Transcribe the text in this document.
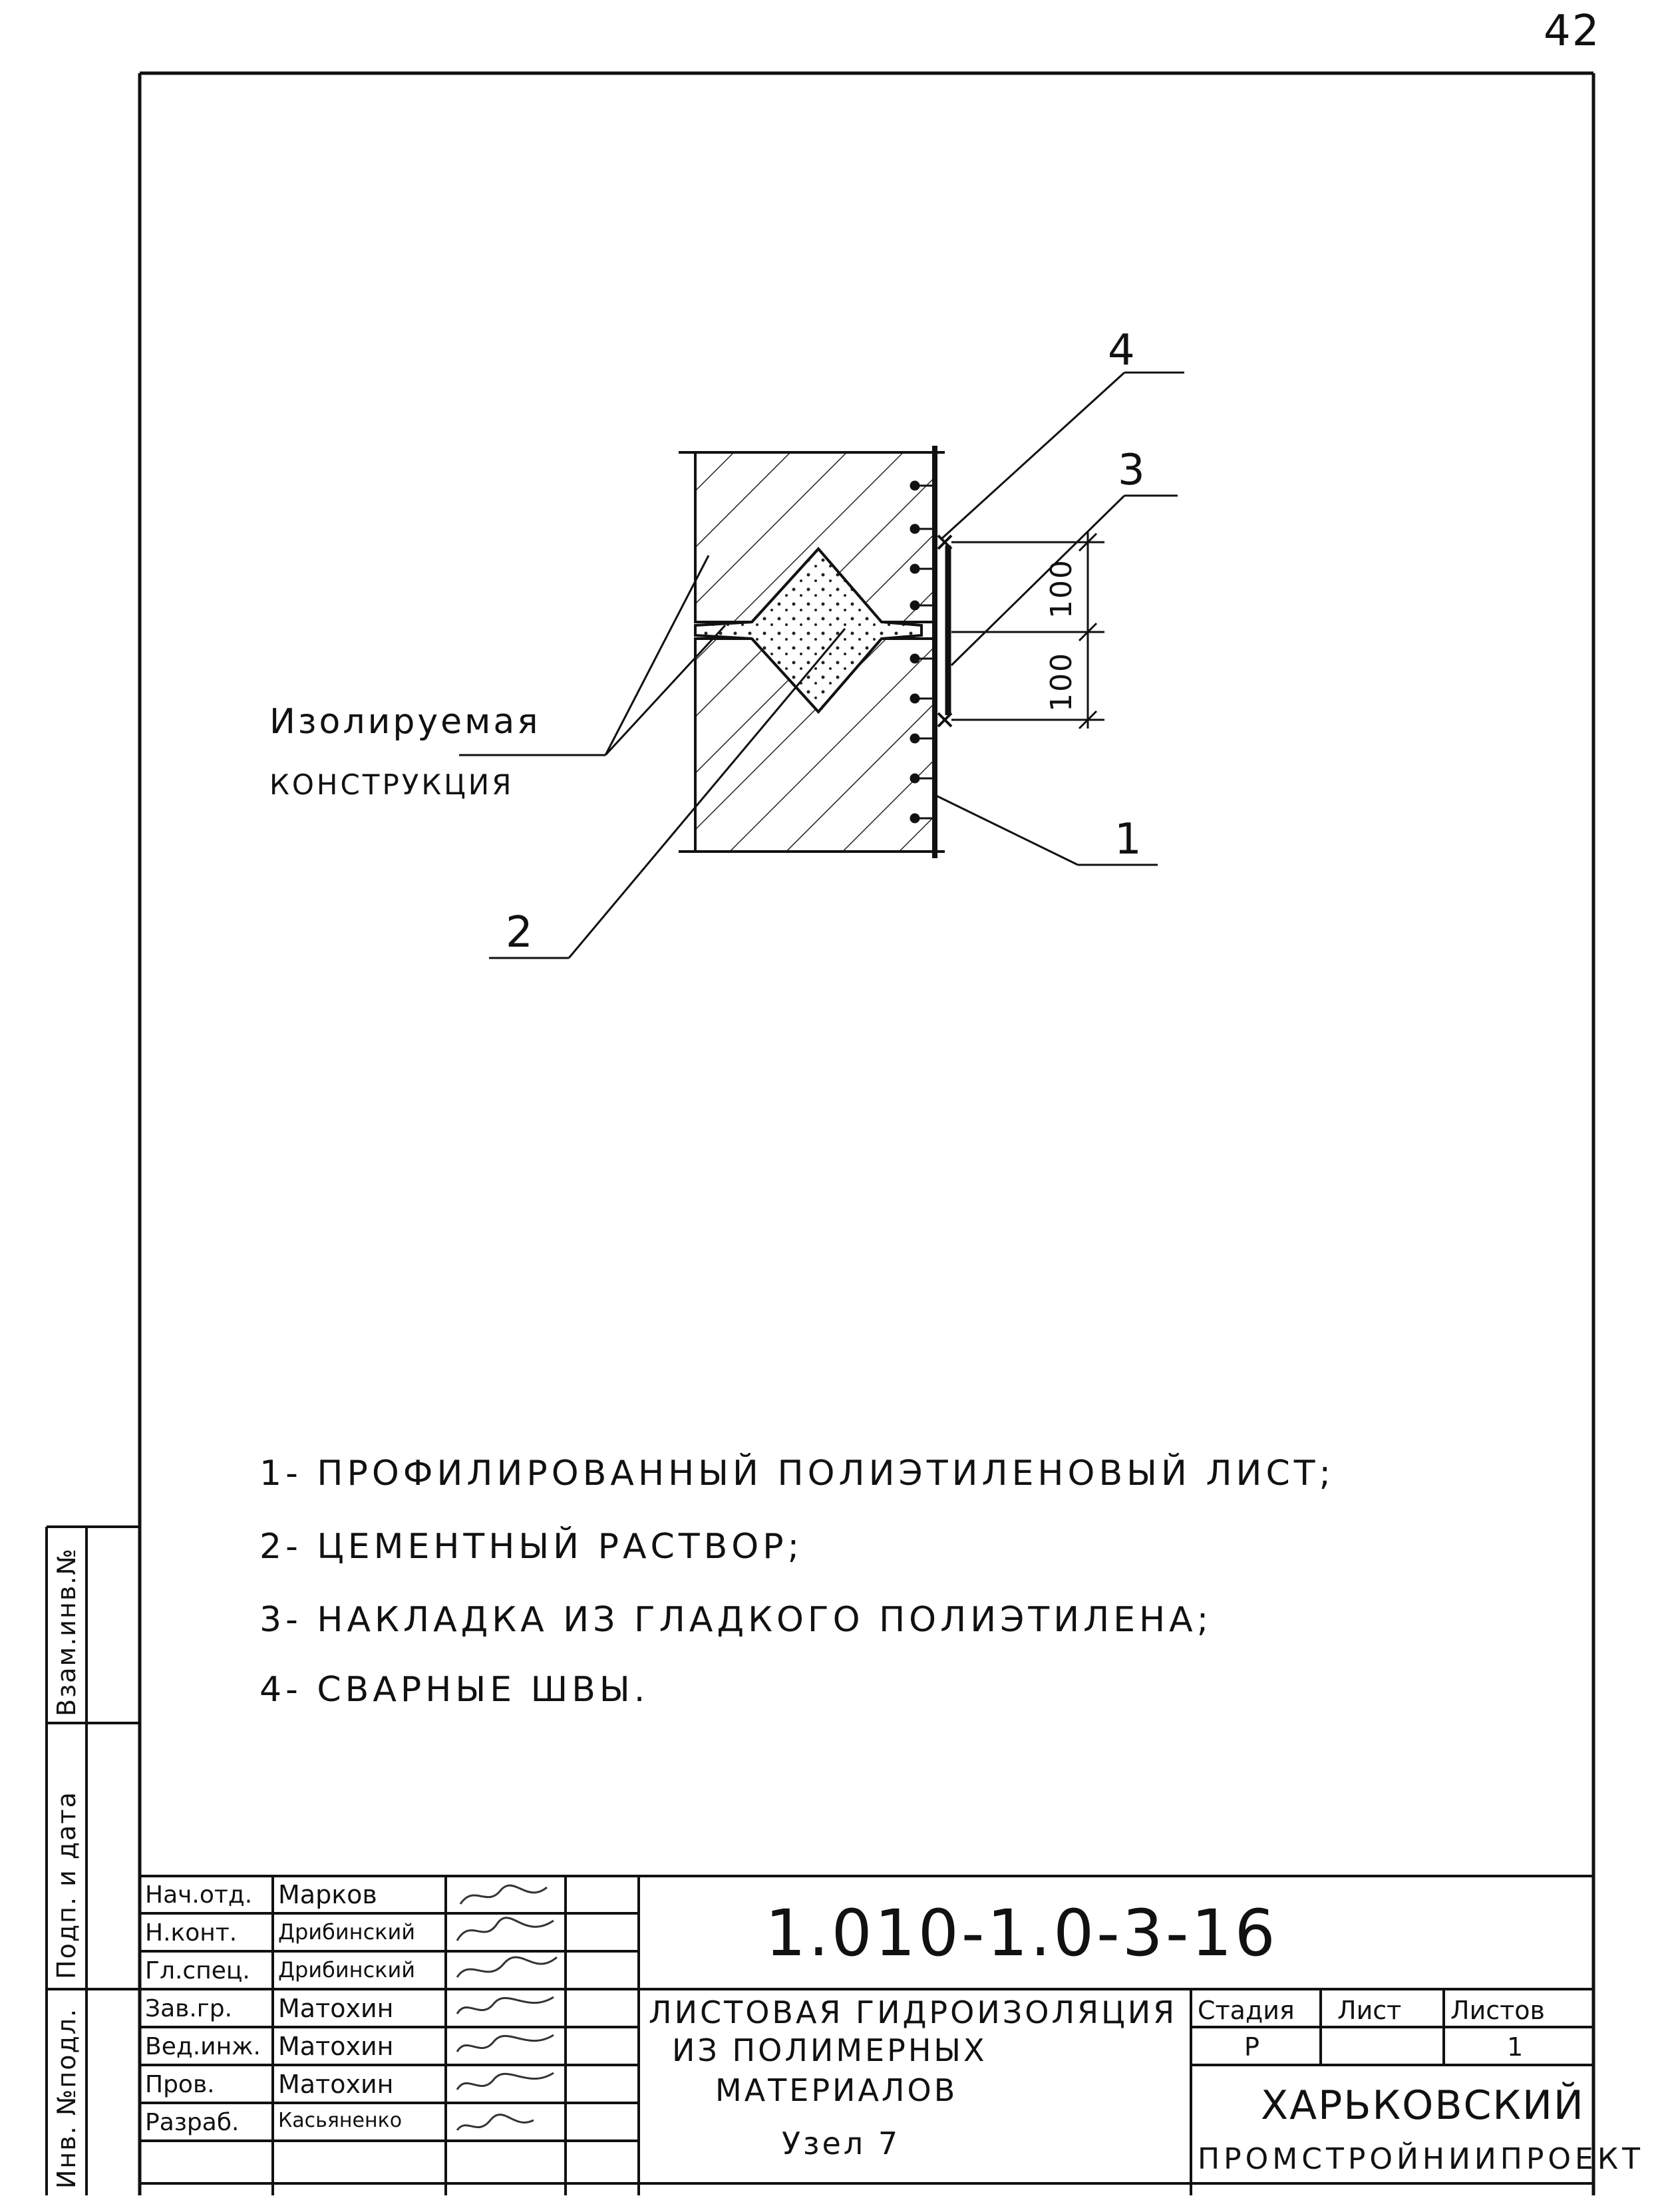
42
4
3
1
2
100
100
Изолируемая
КОНСТРУКЦИЯ
1- ПРОФИЛИРОВАННЫЙ ПОЛИЭТИЛЕНОВЫЙ ЛИСТ;
2- ЦЕМЕНТНЫЙ РАСТВОР;
3- НАКЛАДКА ИЗ ГЛАДКОГО ПОЛИЭТИЛЕНА;
4- СВАРНЫЕ ШВЫ.
Инв. №подл.
Подп. и дата
Взам.инв.№
Нач.отд. Марков
Н.конт. Дрибинский
Гл.спец. Дрибинский
Зав.гр. Матохин
Вед.инж. Матохин
Пров.	Матохин
Разраб. Касьяненко
1.010-1.0-3-16
ЛИСТОВАЯ ГИДРОИЗОЛЯЦИЯ
ИЗ ПОЛИМЕРНЫХ
МАТЕРИАЛОВ
Узел 7
Стадия Лист Листов
Р	1
ХАРЬКОВСКИЙ
ПРОМСТРОЙНИИПРОЕКТ
